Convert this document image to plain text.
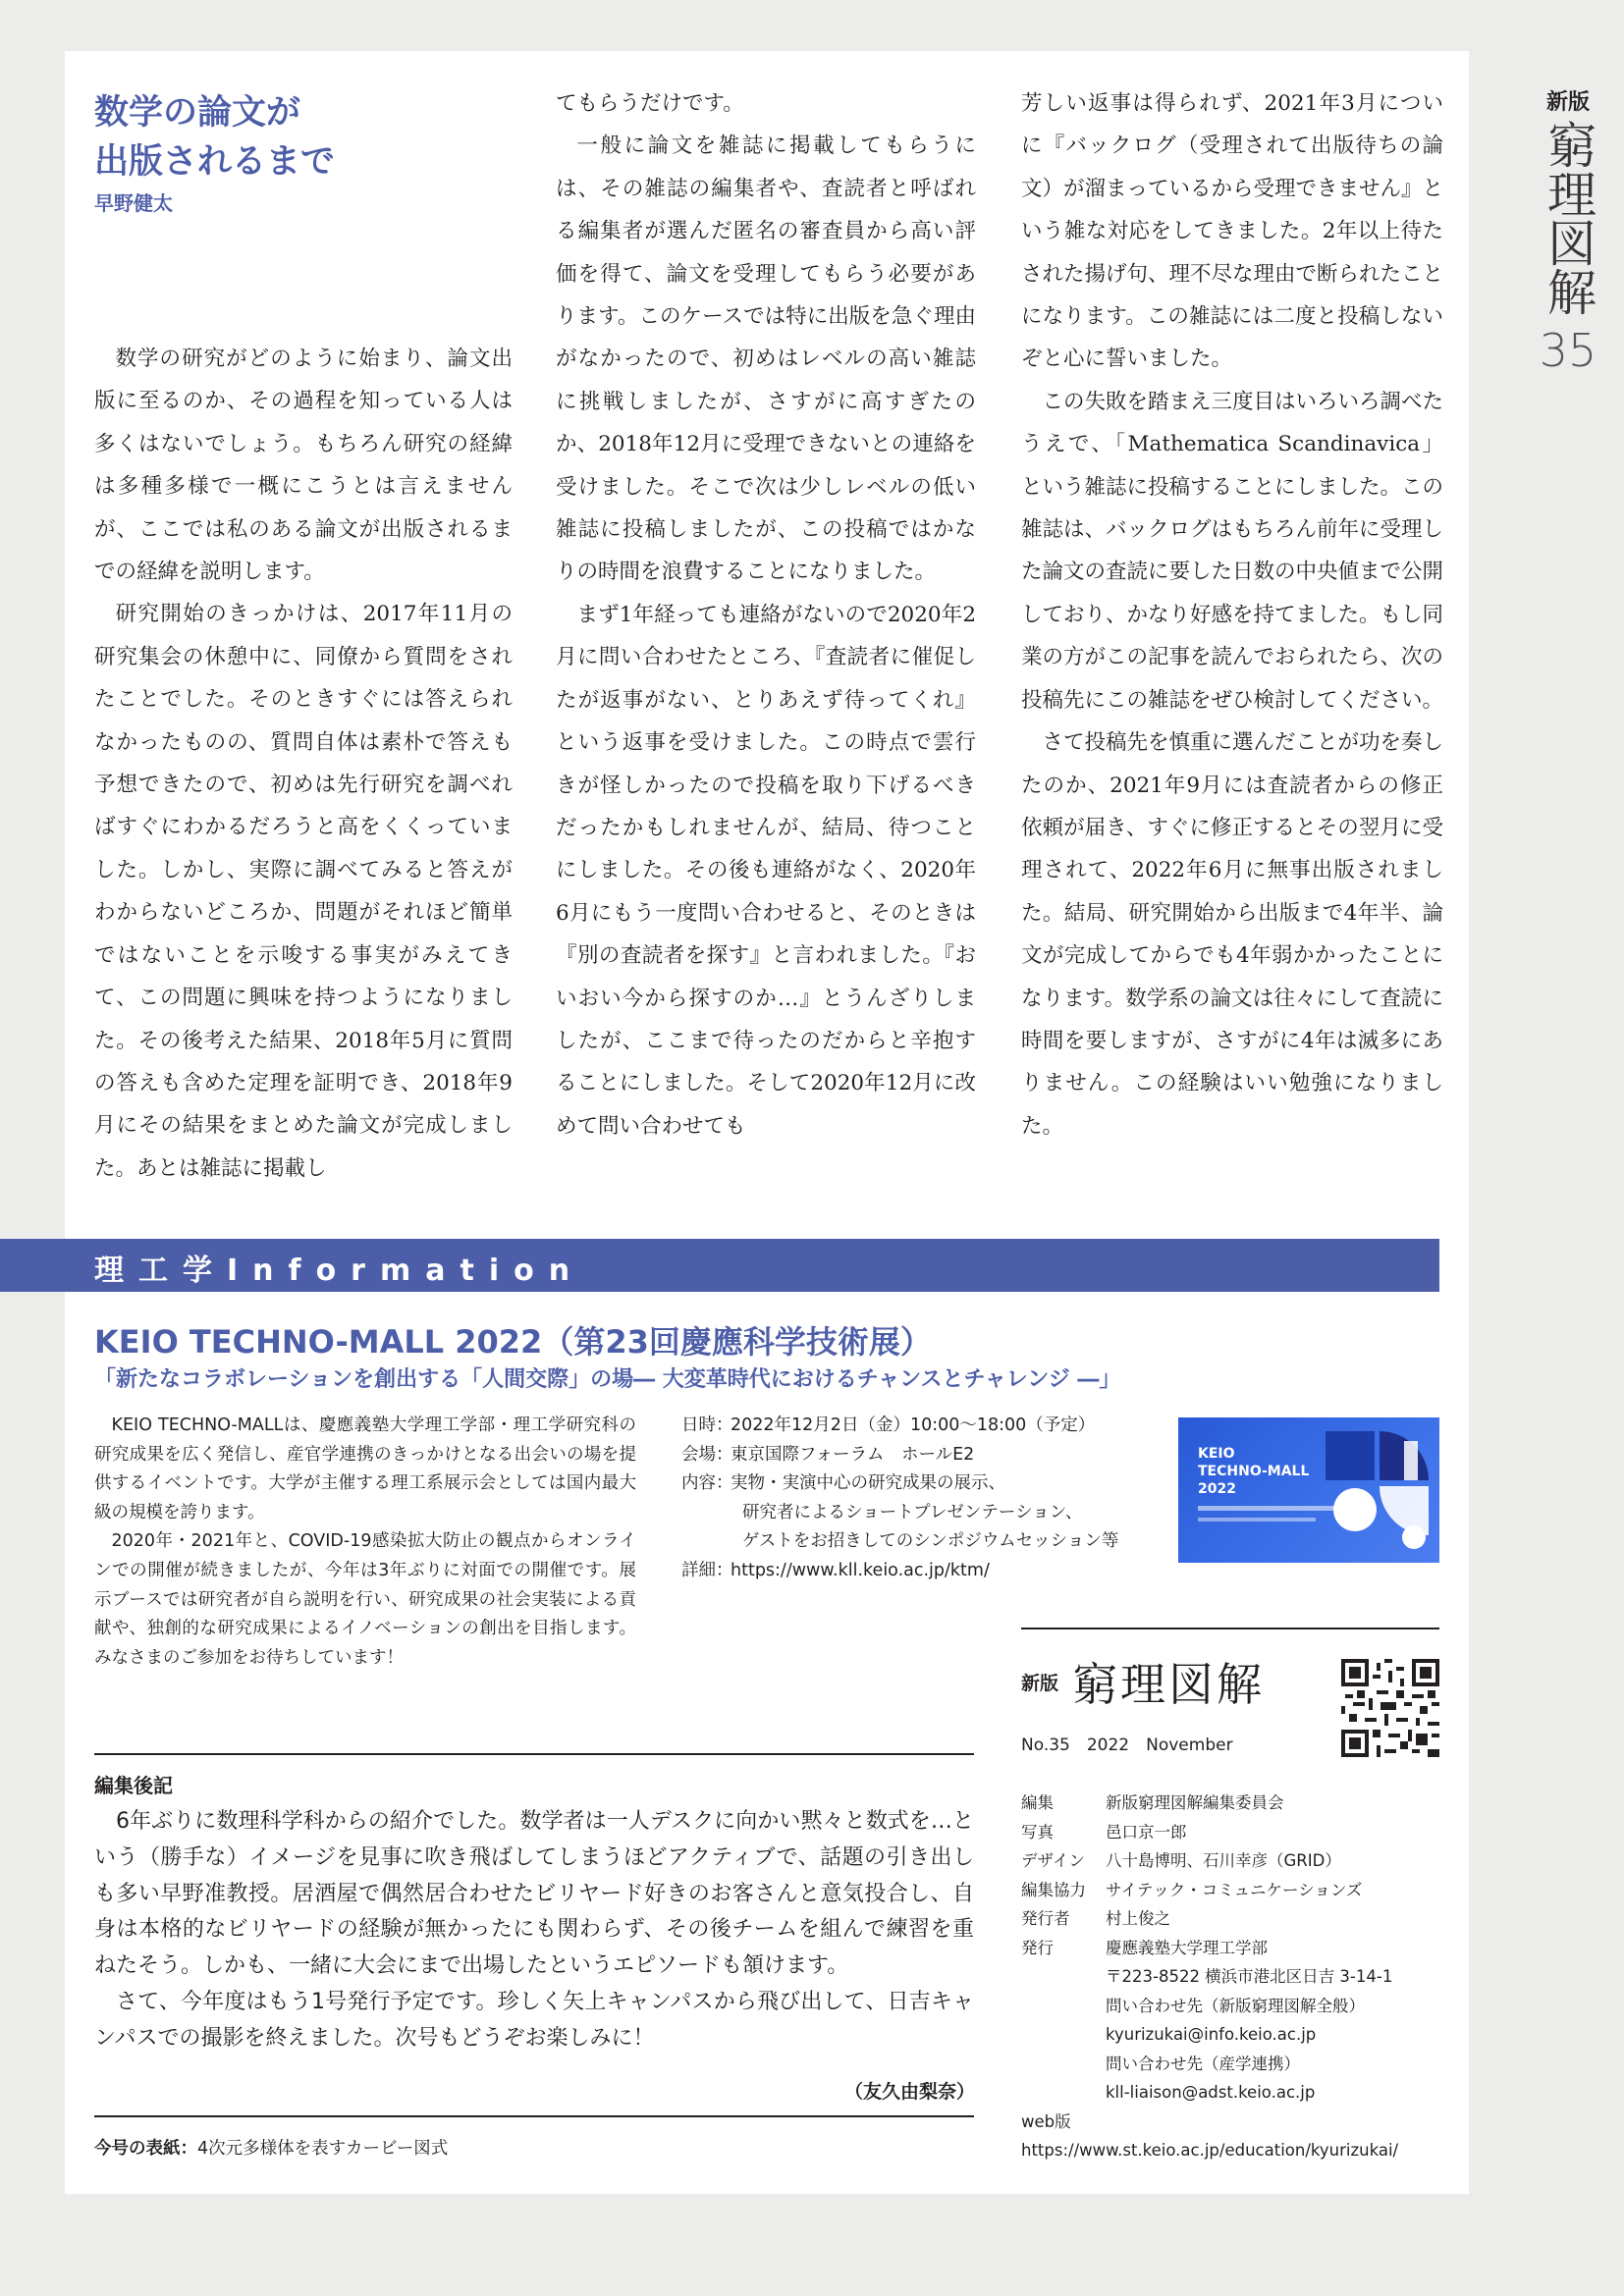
新版
窮理図解
35
数学の論文が
出版されるまで
早野健太

数学の研究がどのように始まり、論文出版に至るのか、その過程を知っている人は多くはないでしょう。もちろん研究の経緯は多種多様で一概にこうとは言えませんが、ここでは私のある論文が出版されるまでの経緯を説明します。

研究開始のきっかけは、2017年11月の研究集会の休憩中に、同僚から質問をされたことでした。そのときすぐには答えられなかったものの、質問自体は素朴で答えも予想できたので、初めは先行研究を調べればすぐにわかるだろうと高をくくっていました。しかし、実際に調べてみると答えがわからないどころか、問題がそれほど簡単ではないことを示唆する事実がみえてきて、この問題に興味を持つようになりました。その後考えた結果、2018年5月に質問の答えも含めた定理を証明でき、2018年9月にその結果をまとめた論文が完成しました。あとは雑誌に掲載し

てもらうだけです。

一般に論文を雑誌に掲載してもらうには、その雑誌の編集者や、査読者と呼ばれる編集者が選んだ匿名の審査員から高い評価を得て、論文を受理してもらう必要があります。このケースでは特に出版を急ぐ理由がなかったので、初めはレベルの高い雑誌に挑戦しましたが、さすがに高すぎたのか、2018年12月に受理できないとの連絡を受けました。そこで次は少しレベルの低い雑誌に投稿しましたが、この投稿ではかなりの時間を浪費することになりました。

まず1年経っても連絡がないので2020年2月に問い合わせたところ、『査読者に催促したが返事がない、とりあえず待ってくれ』という返事を受けました。この時点で雲行きが怪しかったので投稿を取り下げるべきだったかもしれませんが、結局、待つことにしました。その後も連絡がなく、2020年6月にもう一度問い合わせると、そのときは『別の査読者を探す』と言われました。『おいおい今から探すのか…』とうんざりしましたが、ここまで待ったのだからと辛抱することにしました。そして2020年12月に改めて問い合わせても

芳しい返事は得られず、2021年3月についに『バックログ（受理されて出版待ちの論文）が溜まっているから受理できません』という雑な対応をしてきました。2年以上待たされた揚げ句、理不尽な理由で断られたことになります。この雑誌には二度と投稿しないぞと心に誓いました。

この失敗を踏まえ三度目はいろいろ調べたうえで、「Mathematica Scandinavica」という雑誌に投稿することにしました。この雑誌は、バックログはもちろん前年に受理した論文の査読に要した日数の中央値まで公開しており、かなり好感を持てました。もし同業の方がこの記事を読んでおられたら、次の投稿先にこの雑誌をぜひ検討してください。

さて投稿先を慎重に選んだことが功を奏したのか、2021年9月には査読者からの修正依頼が届き、すぐに修正するとその翌月に受理されて、2022年6月に無事出版されました。結局、研究開始から出版まで4年半、論文が完成してからでも4年弱かかったことになります。数学系の論文は往々にして査読に時間を要しますが、さすがに4年は滅多にありません。この経験はいい勉強になりました。

理工学Information
KEIO TECHNO-MALL 2022（第23回慶應科学技術展）
「新たなコラボレーションを創出する「人間交際」の場― 大変革時代におけるチャンスとチャレンジ ―」

KEIO TECHNO-MALLは、慶應義塾大学理工学部・理工学研究科の研究成果を広く発信し、産官学連携のきっかけとなる出会いの場を提供するイベントです。大学が主催する理工系展示会としては国内最大級の規模を誇ります。

2020年・2021年と、COVID-19感染拡大防止の観点からオンラインでの開催が続きましたが、今年は3年ぶりに対面での開催です。展示ブースでは研究者が自ら説明を行い、研究成果の社会実装による貢献や、独創的な研究成果によるイノベーションの創出を目指します。みなさまのご参加をお待ちしています！

日時：
2022年12月2日（金）10:00〜18:00（予定）
会場：
東京国際フォーラム　ホールE2
内容：
実物・実演中心の研究成果の展示、
研究者によるショートプレゼンテーション、
ゲストをお招きしてのシンポジウムセッション等
詳細：
https://www.kll.keio.ac.jp/ktm/
KEIO
TECHNO-MALL
2022
編集後記

6年ぶりに数理科学科からの紹介でした。数学者は一人デスクに向かい黙々と数式を…という（勝手な）イメージを見事に吹き飛ばしてしまうほどアクティブで、話題の引き出しも多い早野准教授。居酒屋で偶然居合わせたビリヤード好きのお客さんと意気投合し、自身は本格的なビリヤードの経験が無かったにも関わらず、その後チームを組んで練習を重ねたそう。しかも、一緒に大会にまで出場したというエピソードも頷けます。

さて、今年度はもう1号発行予定です。珍しく矢上キャンパスから飛び出して、日吉キャンパスでの撮影を終えました。次号もどうぞお楽しみに！

（友久由梨奈）
今号の表紙：4次元多様体を表すカービー図式
新版 窮理図解
No.35　2022　November
編集	新版窮理図解編集委員会
写真	邑口京一郎
デザイン	八十島博明、石川幸彦（GRID）
編集協力	サイテック・コミュニケーションズ
発行者	村上俊之
発行	慶應義塾大学理工学部
〒223-8522 横浜市港北区日吉 3-14-1
問い合わせ先（新版窮理図解全般）
kyurizukai@info.keio.ac.jp
問い合わせ先（産学連携）
kll-liaison@adst.keio.ac.jp
web版
https://www.st.keio.ac.jp/education/kyurizukai/
